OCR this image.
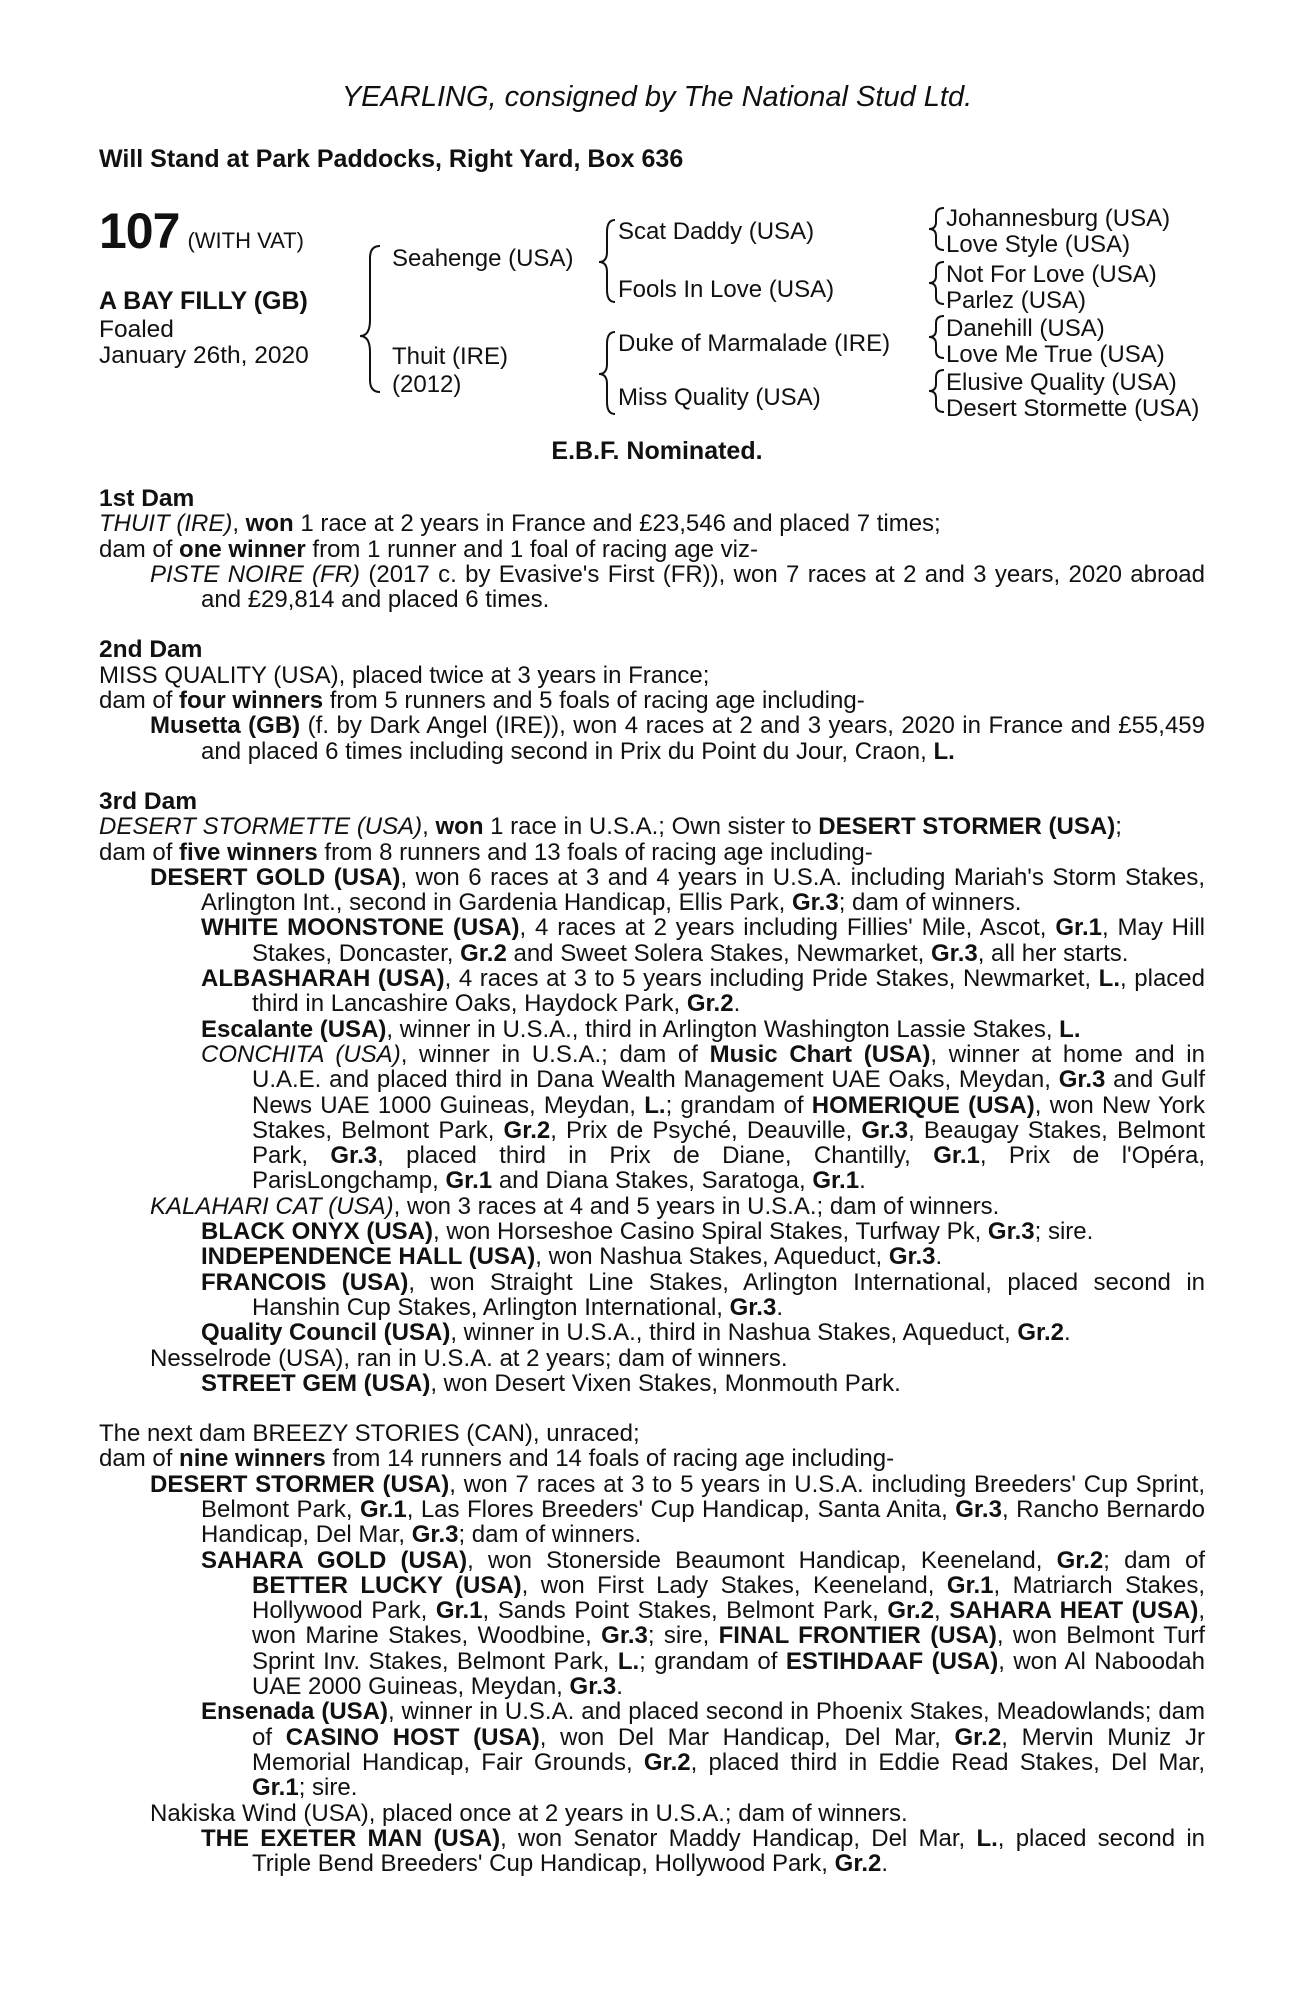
YEARLING, consigned by The National Stud Ltd.
Will Stand at Park Paddocks, Right Yard, Box 636
107 (WITH VAT)
A BAY FILLY (GB)
Foaled
January 26th, 2020
Seahenge (USA)
Thuit (IRE)
(2012)
Scat Daddy (USA)
Fools In Love (USA)
Duke of Marmalade (IRE)
Miss Quality (USA)
Johannesburg (USA)
Love Style (USA)
Not For Love (USA)
Parlez (USA)
Danehill (USA)
Love Me True (USA)
Elusive Quality (USA)
Desert Stormette (USA)
E.B.F. Nominated.
1st Dam
THUIT (IRE), won 1 race at 2 years in France and £23,546 and placed 7 times;
dam of one winner from 1 runner and 1 foal of racing age viz-
PISTE NOIRE (FR) (2017 c. by Evasive's First (FR)), won 7 races at 2 and 3 years, 2020 abroad and £29,814 and placed 6 times.
2nd Dam
MISS QUALITY (USA), placed twice at 3 years in France;
dam of four winners from 5 runners and 5 foals of racing age including-
Musetta (GB) (f. by Dark Angel (IRE)), won 4 races at 2 and 3 years, 2020 in France and £55,459 and placed 6 times including second in Prix du Point du Jour, Craon, L.
3rd Dam
DESERT STORMETTE (USA), won 1 race in U.S.A.; Own sister to DESERT STORMER (USA);
dam of five winners from 8 runners and 13 foals of racing age including-
DESERT GOLD (USA), won 6 races at 3 and 4 years in U.S.A. including Mariah's Storm Stakes, Arlington Int., second in Gardenia Handicap, Ellis Park, Gr.3; dam of winners.
WHITE MOONSTONE (USA), 4 races at 2 years including Fillies' Mile, Ascot, Gr.1, May Hill Stakes, Doncaster, Gr.2 and Sweet Solera Stakes, Newmarket, Gr.3, all her starts.
ALBASHARAH (USA), 4 races at 3 to 5 years including Pride Stakes, Newmarket, L., placed third in Lancashire Oaks, Haydock Park, Gr.2.
Escalante (USA), winner in U.S.A., third in Arlington Washington Lassie Stakes, L.
CONCHITA (USA), winner in U.S.A.; dam of Music Chart (USA), winner at home and in U.A.E. and placed third in Dana Wealth Management UAE Oaks, Meydan, Gr.3 and Gulf News UAE 1000 Guineas, Meydan, L.; grandam of HOMERIQUE (USA), won New York Stakes, Belmont Park, Gr.2, Prix de Psyché, Deauville, Gr.3, Beaugay Stakes, Belmont Park, Gr.3, placed third in Prix de Diane, Chantilly, Gr.1, Prix de l'Opéra, ParisLongchamp, Gr.1 and Diana Stakes, Saratoga, Gr.1.
KALAHARI CAT (USA), won 3 races at 4 and 5 years in U.S.A.; dam of winners.
BLACK ONYX (USA), won Horseshoe Casino Spiral Stakes, Turfway Pk, Gr.3; sire.
INDEPENDENCE HALL (USA), won Nashua Stakes, Aqueduct, Gr.3.
FRANCOIS (USA), won Straight Line Stakes, Arlington International, placed second in Hanshin Cup Stakes, Arlington International, Gr.3.
Quality Council (USA), winner in U.S.A., third in Nashua Stakes, Aqueduct, Gr.2.
Nesselrode (USA), ran in U.S.A. at 2 years; dam of winners.
STREET GEM (USA), won Desert Vixen Stakes, Monmouth Park.
The next dam BREEZY STORIES (CAN), unraced;
dam of nine winners from 14 runners and 14 foals of racing age including-
DESERT STORMER (USA), won 7 races at 3 to 5 years in U.S.A. including Breeders' Cup Sprint, Belmont Park, Gr.1, Las Flores Breeders' Cup Handicap, Santa Anita, Gr.3, Rancho Bernardo Handicap, Del Mar, Gr.3; dam of winners.
SAHARA GOLD (USA), won Stonerside Beaumont Handicap, Keeneland, Gr.2; dam of BETTER LUCKY (USA), won First Lady Stakes, Keeneland, Gr.1, Matriarch Stakes, Hollywood Park, Gr.1, Sands Point Stakes, Belmont Park, Gr.2, SAHARA HEAT (USA), won Marine Stakes, Woodbine, Gr.3; sire, FINAL FRONTIER (USA), won Belmont Turf Sprint Inv. Stakes, Belmont Park, L.; grandam of ESTIHDAAF (USA), won Al Naboodah UAE 2000 Guineas, Meydan, Gr.3.
Ensenada (USA), winner in U.S.A. and placed second in Phoenix Stakes, Meadowlands; dam of CASINO HOST (USA), won Del Mar Handicap, Del Mar, Gr.2, Mervin Muniz Jr Memorial Handicap, Fair Grounds, Gr.2, placed third in Eddie Read Stakes, Del Mar, Gr.1; sire.
Nakiska Wind (USA), placed once at 2 years in U.S.A.; dam of winners.
THE EXETER MAN (USA), won Senator Maddy Handicap, Del Mar, L., placed second in Triple Bend Breeders' Cup Handicap, Hollywood Park, Gr.2.
